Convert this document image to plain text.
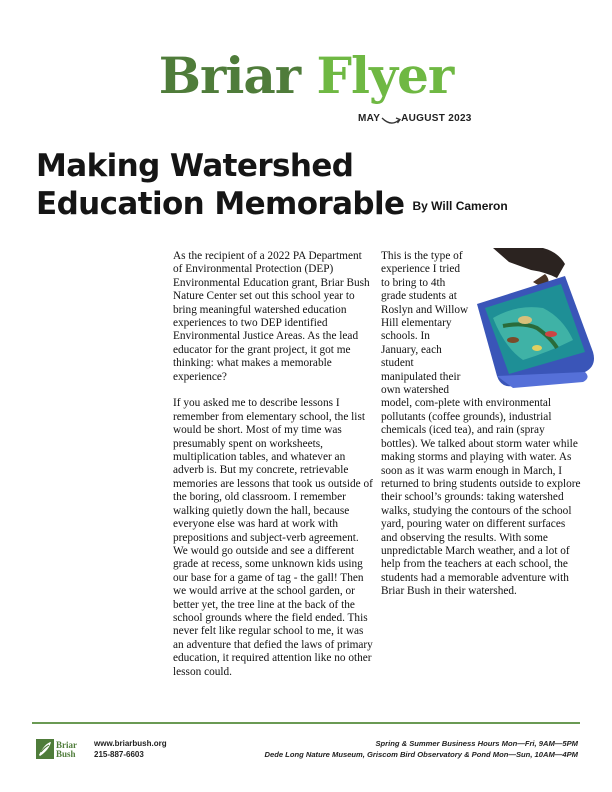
Briar Flyer
MAY AUGUST 2023
Making Watershed
Education Memorable By Will Cameron

As the recipient of a 2022 PA Department of Environmental Protection (DEP) Environmental Education grant, Briar Bush Nature Center set out this school year to bring meaningful watershed education experiences to two DEP identified Environmental Justice Areas. As the lead educator for the grant project, it got me thinking: what makes a memorable experience?

If you asked me to describe lessons I remember from elementary school, the list would be short. Most of my time was presumably spent on worksheets, multiplication tables, and whatever an adverb is. But my concrete, retrievable memories are lessons that took us outside of the boring, old classroom. I remember walking quietly down the hall, because everyone else was hard at work with prepositions and subject-verb agreement. We would go outside and see a different grade at recess, some unknown kids using our base for a game of tag - the gall! Then we would arrive at the school garden, or better yet, the tree line at the back of the school grounds where the field ended. This never felt like regular school to me, it was an adventure that defied the laws of primary education, it required attention like no other lesson could.

This is the type of experience I tried to bring to 4th grade students at Roslyn and Willow Hill elementary schools. In January, each student manipulated their own watershed model, com-plete with environmental pollutants (coffee grounds), industrial chemicals (iced tea), and rain (spray bottles). We talked about storm water while making storms and playing with water. As soon as it was warm enough in March, I returned to bring students outside to explore their school’s grounds: taking watershed walks, studying the contours of the school yard, pouring water on different surfaces and observing the results. With some unpredictable March weather, and a lot of help from the teachers at each school, the students had a memorable adventure with Briar Bush in their watershed.

Briar
Bush
www.briarbush.org
215-887-6603
Spring & Summer Business Hours Mon—Fri, 9AM—5PM
Dede Long Nature Museum, Griscom Bird Observatory & Pond Mon—Sun, 10AM—4PM
